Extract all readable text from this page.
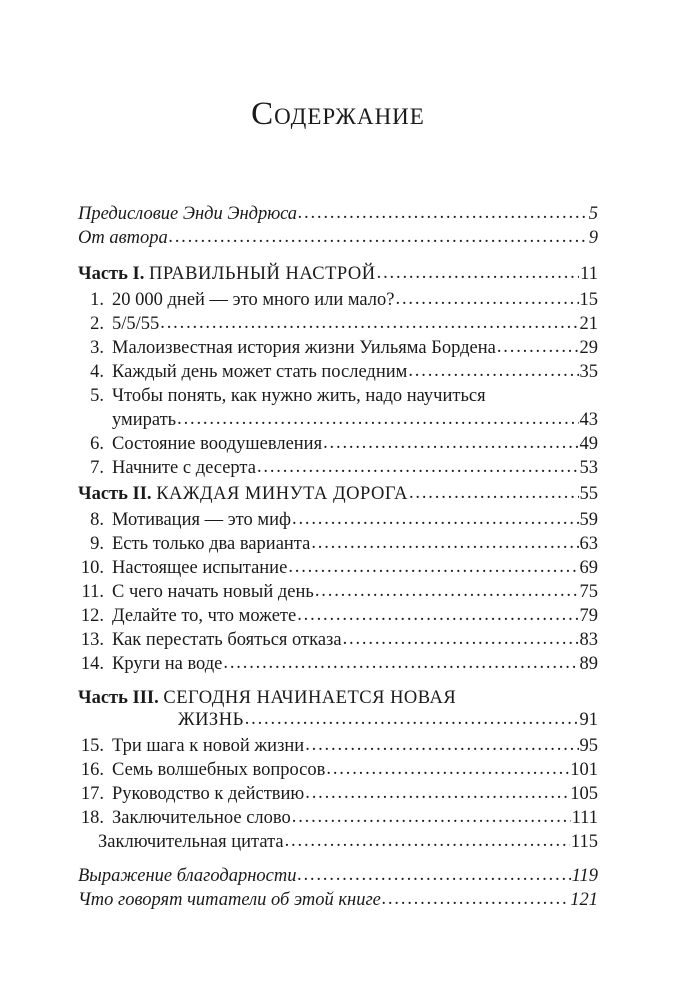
Содержание
Предисловие Энди Эндрюса . . .	5
От автора . . .	9
Часть I. ПРАВИЛЬНЫЙ НАСТРОЙ . . .	11
1. 20 000 дней — это много или мало? . . .	15
2. 5/5/55 . . .	21
3. Малоизвестная история жизни Уильяма Бордена . . .	29
4. Каждый день может стать последним . . .	35
5. Чтобы понять, как нужно жить, надо научиться
умирать . . .	43
6. Состояние воодушевления . . .	49
7. Начните с десерта . . .	53
Часть II. КАЖДАЯ МИНУТА ДОРОГА . . .	55
8. Мотивация — это миф . . .	59
9. Есть только два варианта . . .	63
10. Настоящее испытание . . .	69
11. С чего начать новый день . . .	75
12. Делайте то, что можете . . .	79
13. Как перестать бояться отказа . . .	83
14. Круги на воде . . .	89
Часть III. СЕГОДНЯ НАЧИНАЕТСЯ НОВАЯ
ЖИЗНЬ . . .	91
15. Три шага к новой жизни . . .	95
16. Семь волшебных вопросов . . .	101
17. Руководство к действию . . .	105
18. Заключительное слово . . .	111
Заключительная цитата . . .	115
Выражение благодарности . . .	119
Что говорят читатели об этой книге . . .	121
